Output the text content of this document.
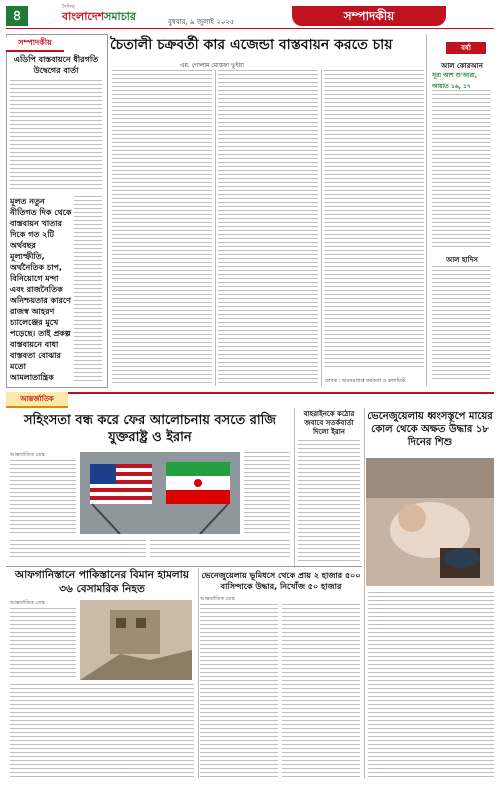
৪
দৈনিক
বাংলাদেশসমাচার	বুধবার, ৯ জুলাই ২০২৫	সম্পাদকীয়
সম্পাদকীয়
এডিপি বাস্তবায়নে ধীরগতি উদ্বেগের বার্তা
মূলত নতুন নীতিগত দিক থেকে বাস্তবায়ন খাতার দিকে গত ২টি অর্থবছর মূল্যস্ফীতি, অর্থনৈতিক চাপ, বিনিয়োগে মন্দা এবং রাজনৈতিক অনিশ্চয়তার কারণে রাজস্ব আহরণ চ্যালেঞ্জের মুখে পড়েছে। তাই প্রকল্প বাস্তবায়নে বাধা বাস্তবতা বোঝার মতো আমলাতান্ত্রিক
চৈতালী চক্রবর্তী কার এজেন্ডা বাস্তবায়ন করতে চায়
এম. গোলাম মোস্তফা ভুইয়া
লেখক : অবসরপ্রাপ্ত কর্মকর্তা ও কলামিস্ট
বর্ষা
আল কোরআন
সূরা আশ শু'আরা, আয়াত ১৬, ১৭
আল হাদিস
আন্তর্জাতিক
সহিংসতা বন্ধ করে ফের আলোচনায় বসতে রাজি যুক্তরাষ্ট্র ও ইরান
আন্তর্জাতিক ডেস্ক
বাহরাইনকে কঠোর জবাবে সতর্কবার্তা দিলো ইরান
ভেনেজুয়েলায় ধ্বংসস্তূপে মায়ের কোল থেকে অক্ষত উদ্ধার ১৮ দিনের শিশু
আফগানিস্তানে পাকিস্তানের বিমান হামলায় ৩৬ বেসামরিক নিহত
আন্তর্জাতিক ডেস্ক
ভেনেজুয়েলায় ভূমিধসে থেকে প্রায় ২ হাজার ৫০০ বাসিন্দাকে উদ্ধার, নিখোঁজ ৫০ হাজার
আন্তর্জাতিক ডেস্ক
